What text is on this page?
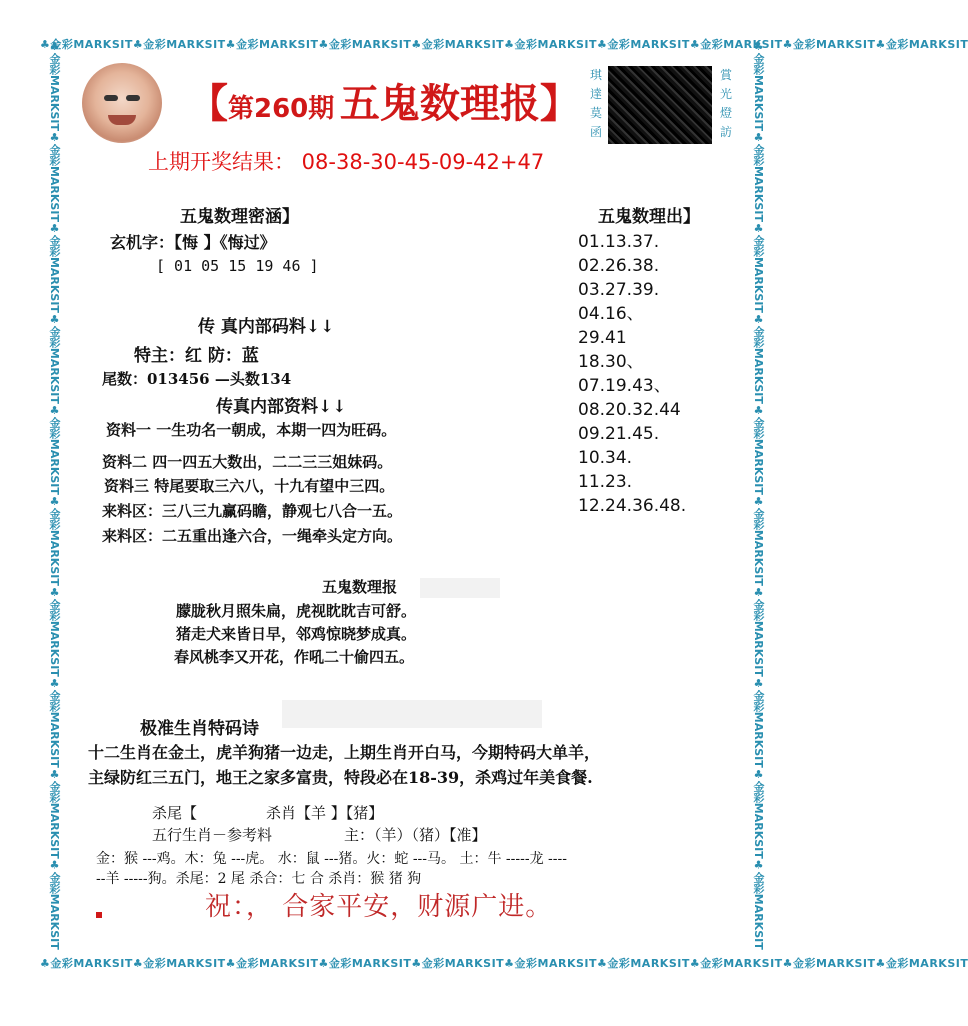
♣金彩MARKSIT♣金彩MARKSIT♣金彩MARKSIT♣金彩MARKSIT♣金彩MARKSIT♣金彩MARKSIT♣金彩MARKSIT♣金彩MARKSIT♣金彩MARKSIT♣金彩MARKSIT
♣金彩MARKSIT♣金彩MARKSIT♣金彩MARKSIT♣金彩MARKSIT♣金彩MARKSIT♣金彩MARKSIT♣金彩MARKSIT♣金彩MARKSIT♣金彩MARKSIT♣金彩MARKSIT
♣金彩MARKSIT♣金彩MARKSIT♣金彩MARKSIT♣金彩MARKSIT♣金彩MARKSIT♣金彩MARKSIT♣金彩MARKSIT♣金彩MARKSIT♣金彩MARKSIT♣金彩MARKSIT	♣金彩MARKSIT♣金彩MARKSIT♣金彩MARKSIT♣金彩MARKSIT♣金彩MARKSIT♣金彩MARKSIT♣金彩MARKSIT♣金彩MARKSIT♣金彩MARKSIT♣金彩MARKSIT
【第260期 五鬼数理报】
琪
達
莫
函
賞
光
燈
訪
上期开奖结果： 08-38-30-45-09-42+47
五鬼数理密涵】
玄机字：【悔 】《悔过》
[ 01 05 15 19 46 ]
传 真内部码料↓↓
特主：红 防：蓝
尾数：013456 —头数134
传真内部资料↓↓
资料一 一生功名一朝成，本期一四为旺码。
资料二 四一四五大数出，二二三三姐妹码。
资料三 特尾要取三六八，十九有望中三四。
来料区：三八三九赢码瞻，静观七八合一五。
来料区：二五重出逢六合，一绳牵头定方向。
五鬼数理出】
01.13.37.
02.26.38.
03.27.39.
04.16、
29.41
18.30、
07.19.43、
08.20.32.44
09.21.45.
10.34.
11.23.
12.24.36.48.
五鬼数理报
朦胧秋月照朱扁，虎视眈眈吉可舒。
猪走犬来皆日早，邻鸡惊晓梦成真。
春风桃李又开花，作吼二十偷四五。
极准生肖特码诗
十二生肖在金土，虎羊狗猪一边走，上期生肖开白马，今期特码大单羊，
主绿防红三五门，地王之家多富贵，特段必在18-39，杀鸡过年美食餐.
杀尾【	杀肖【羊 】【猪】
五行生肖－参考料	主：（羊）（猪）【准】
金：猴 ---鸡。木：兔 ---虎。 水：鼠 ---猪。火：蛇 ---马。 土：牛 -----龙 ----
--羊 -----狗。杀尾：2 尾 杀合：七 合 杀肖：猴 猪 狗
祝：， 合家平安，财源广进。
